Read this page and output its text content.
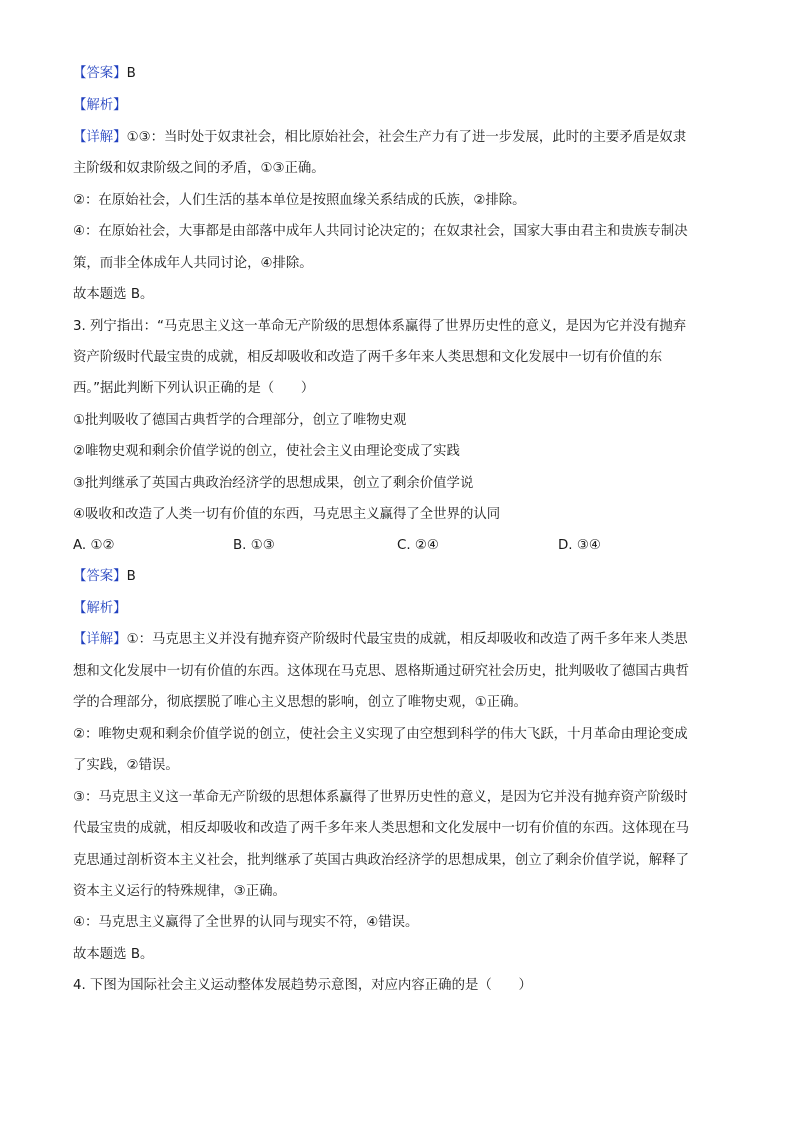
【答案】B
【解析】
【详解】①③：当时处于奴隶社会，相比原始社会，社会生产力有了进一步发展，此时的主要矛盾是奴隶
主阶级和奴隶阶级之间的矛盾，①③正确。
②：在原始社会，人们生活的基本单位是按照血缘关系结成的氏族，②排除。
④：在原始社会，大事都是由部落中成年人共同讨论决定的；在奴隶社会，国家大事由君主和贵族专制决
策，而非全体成年人共同讨论，④排除。
故本题选 B。
3. 列宁指出：“马克思主义这一革命无产阶级的思想体系赢得了世界历史性的意义，是因为它并没有抛弃
资产阶级时代最宝贵的成就，相反却吸收和改造了两千多年来人类思想和文化发展中一切有价值的东
西。”据此判断下列认识正确的是（　　）
①批判吸收了德国古典哲学的合理部分，创立了唯物史观
②唯物史观和剩余价值学说的创立，使社会主义由理论变成了实践
③批判继承了英国古典政治经济学的思想成果，创立了剩余价值学说
④吸收和改造了人类一切有价值的东西，马克思主义赢得了全世界的认同
A. ①②	B. ①③	C. ②④	D. ③④
【答案】B
【解析】
【详解】①：马克思主义并没有抛弃资产阶级时代最宝贵的成就，相反却吸收和改造了两千多年来人类思
想和文化发展中一切有价值的东西。这体现在马克思、恩格斯通过研究社会历史，批判吸收了德国古典哲
学的合理部分，彻底摆脱了唯心主义思想的影响，创立了唯物史观，①正确。
②：唯物史观和剩余价值学说的创立，使社会主义实现了由空想到科学的伟大飞跃，十月革命由理论变成
了实践，②错误。
③：马克思主义这一革命无产阶级的思想体系赢得了世界历史性的意义，是因为它并没有抛弃资产阶级时
代最宝贵的成就，相反却吸收和改造了两千多年来人类思想和文化发展中一切有价值的东西。这体现在马
克思通过剖析资本主义社会，批判继承了英国古典政治经济学的思想成果，创立了剩余价值学说，解释了
资本主义运行的特殊规律，③正确。
④：马克思主义赢得了全世界的认同与现实不符，④错误。
故本题选 B。
4. 下图为国际社会主义运动整体发展趋势示意图，对应内容正确的是（　　）
